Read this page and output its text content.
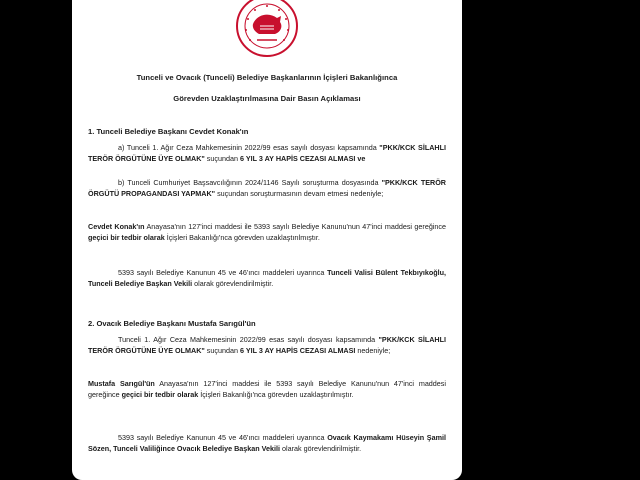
Tunceli ve Ovacık (Tunceli) Belediye Başkanlarının İçişleri Bakanlığınca
Görevden Uzaklaştırılmasına Dair Basın Açıklaması
1. Tunceli Belediye Başkanı Cevdet Konak'ın

a) Tunceli 1. Ağır Ceza Mahkemesinin 2022/99 esas sayılı dosyası kapsamında "PKK/KCK SİLAHLI TERÖR ÖRGÜTÜNE ÜYE OLMAK" suçundan 6 YIL 3 AY HAPİS CEZASI ALMASI ve

b) Tunceli Cumhuriyet Başsavcılığının 2024/1146 Sayılı soruşturma dosyasında "PKK/KCK TERÖR ÖRGÜTÜ PROPAGANDASI YAPMAK" suçundan soruşturmasının devam etmesi nedeniyle;

Cevdet Konak'ın Anayasa'nın 127'inci maddesi ile 5393 sayılı Belediye Kanunu'nun 47'inci maddesi gereğince geçici bir tedbir olarak İçişleri Bakanlığı'nca görevden uzaklaştırılmıştır.

5393 sayılı Belediye Kanunun 45 ve 46'ıncı maddeleri uyarınca Tunceli Valisi Bülent Tekbıyıkoğlu, Tunceli Belediye Başkan Vekili olarak görevlendirilmiştir.

2. Ovacık Belediye Başkanı Mustafa Sarıgül'ün

Tunceli 1. Ağır Ceza Mahkemesinin 2022/99 esas sayılı dosyası kapsamında "PKK/KCK SİLAHLI TERÖR ÖRGÜTÜNE ÜYE OLMAK" suçundan 6 YIL 3 AY HAPİS CEZASI ALMASI nedeniyle;

Mustafa Sarıgül'ün Anayasa'nın 127'inci maddesi ile 5393 sayılı Belediye Kanunu'nun 47'inci maddesi gereğince geçici bir tedbir olarak İçişleri Bakanlığı'nca görevden uzaklaştırılmıştır.

5393 sayılı Belediye Kanunun 45 ve 46'ıncı maddeleri uyarınca Ovacık Kaymakamı Hüseyin Şamil Sözen, Tunceli Valiliğince Ovacık Belediye Başkan Vekili olarak görevlendirilmiştir.
